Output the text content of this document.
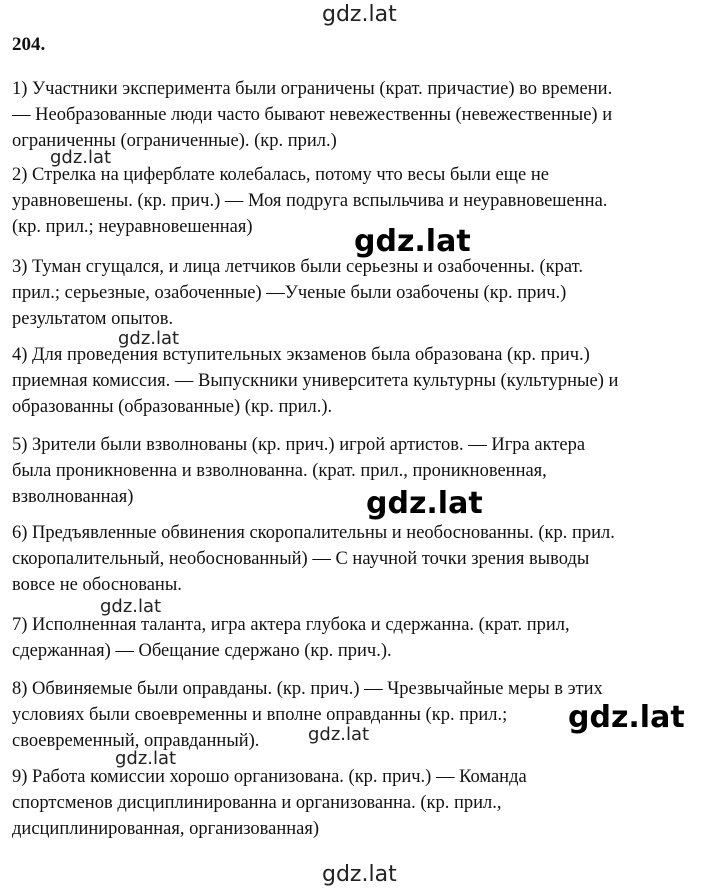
gdz.lat
gdz.lat
gdz.lat
gdz.lat
gdz.lat
gdz.lat
gdz.lat
gdz.lat
gdz.lat
gdz.lat
204.
1) Участники эксперимента были ограничены (крат. причастие) во времени.
— Необразованные люди часто бывают невежественны (невежественные) и
ограниченны (ограниченные). (кр. прил.)
2) Стрелка на циферблате колебалась, потому что весы были еще не
уравновешены. (кр. прич.) — Моя подруга вспыльчива и неуравновешенна.
(кр. прил.; неуравновешенная)
3) Туман сгущался, и лица летчиков были серьезны и озабоченны. (крат.
прил.; серьезные, озабоченные) —Ученые были озабочены (кр. прич.)
результатом опытов.
4) Для проведения вступительных экзаменов была образована (кр. прич.)
приемная комиссия. — Выпускники университета культурны (культурные) и
образованны (образованные) (кр. прил.).
5) Зрители были взволнованы (кр. прич.) игрой артистов. — Игра актера
была проникновенна и взволнованна. (крат. прил., проникновенная,
взволнованная)
6) Предъявленные обвинения скоропалительны и необоснованны. (кр. прил.
скоропалительный, необоснованный) — С научной точки зрения выводы
вовсе не обоснованы.
7) Исполненная таланта, игра актера глубока и сдержанна. (крат. прил,
сдержанная) — Обещание сдержано (кр. прич.).
8) Обвиняемые были оправданы. (кр. прич.) — Чрезвычайные меры в этих
условиях были своевременны и вполне оправданны (кр. прил.;
своевременный, оправданный).
9) Работа комиссии хорошо организована. (кр. прич.) — Команда
спортсменов дисциплинированна и организованна. (кр. прил.,
дисциплинированная, организованная)
